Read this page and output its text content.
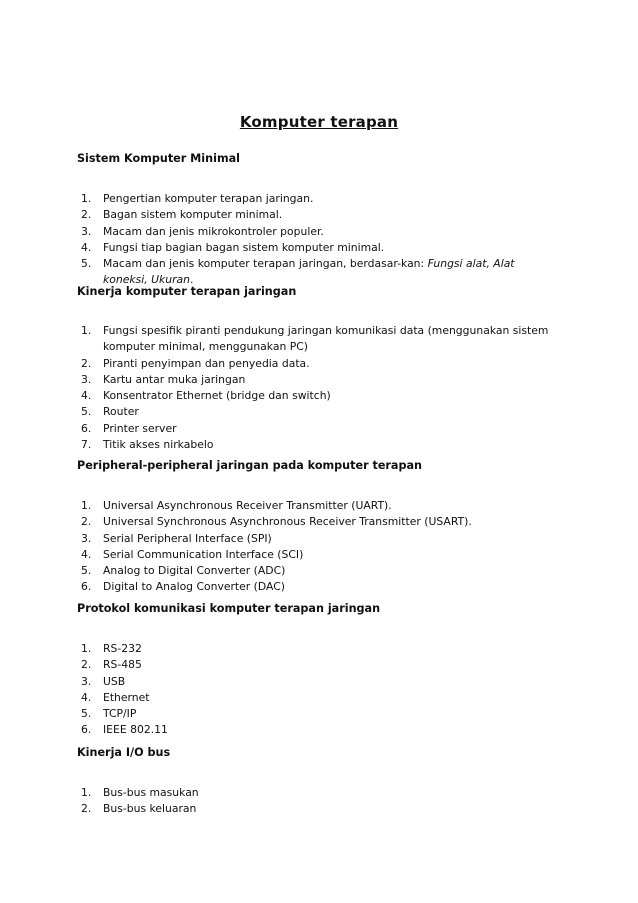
Komputer terapan
Sistem Komputer Minimal
1. Pengertian komputer terapan jaringan.
2. Bagan sistem komputer minimal.
3. Macam dan jenis mikrokontroler populer.
4. Fungsi tiap bagian bagan sistem komputer minimal.
5. Macam dan jenis komputer terapan jaringan, berdasar-kan: Fungsi alat, Alat koneksi, Ukuran.
Kinerja komputer terapan jaringan
1. Fungsi spesifik piranti pendukung jaringan komunikasi data (menggunakan sistem komputer minimal, menggunakan PC)
2. Piranti penyimpan dan penyedia data.
3. Kartu antar muka jaringan
4. Konsentrator Ethernet (bridge dan switch)
5. Router
6. Printer server
7. Titik akses nirkabelo
Peripheral-peripheral jaringan pada komputer terapan
1. Universal Asynchronous Receiver Transmitter (UART).
2. Universal Synchronous Asynchronous Receiver Transmitter (USART).
3. Serial Peripheral Interface (SPI)
4. Serial Communication Interface (SCI)
5. Analog to Digital Converter (ADC)
6. Digital to Analog Converter (DAC)
Protokol komunikasi komputer terapan jaringan
1. RS-232
2. RS-485
3. USB
4. Ethernet
5. TCP/IP
6. IEEE 802.11
Kinerja I/O bus
1. Bus-bus masukan
2. Bus-bus keluaran
